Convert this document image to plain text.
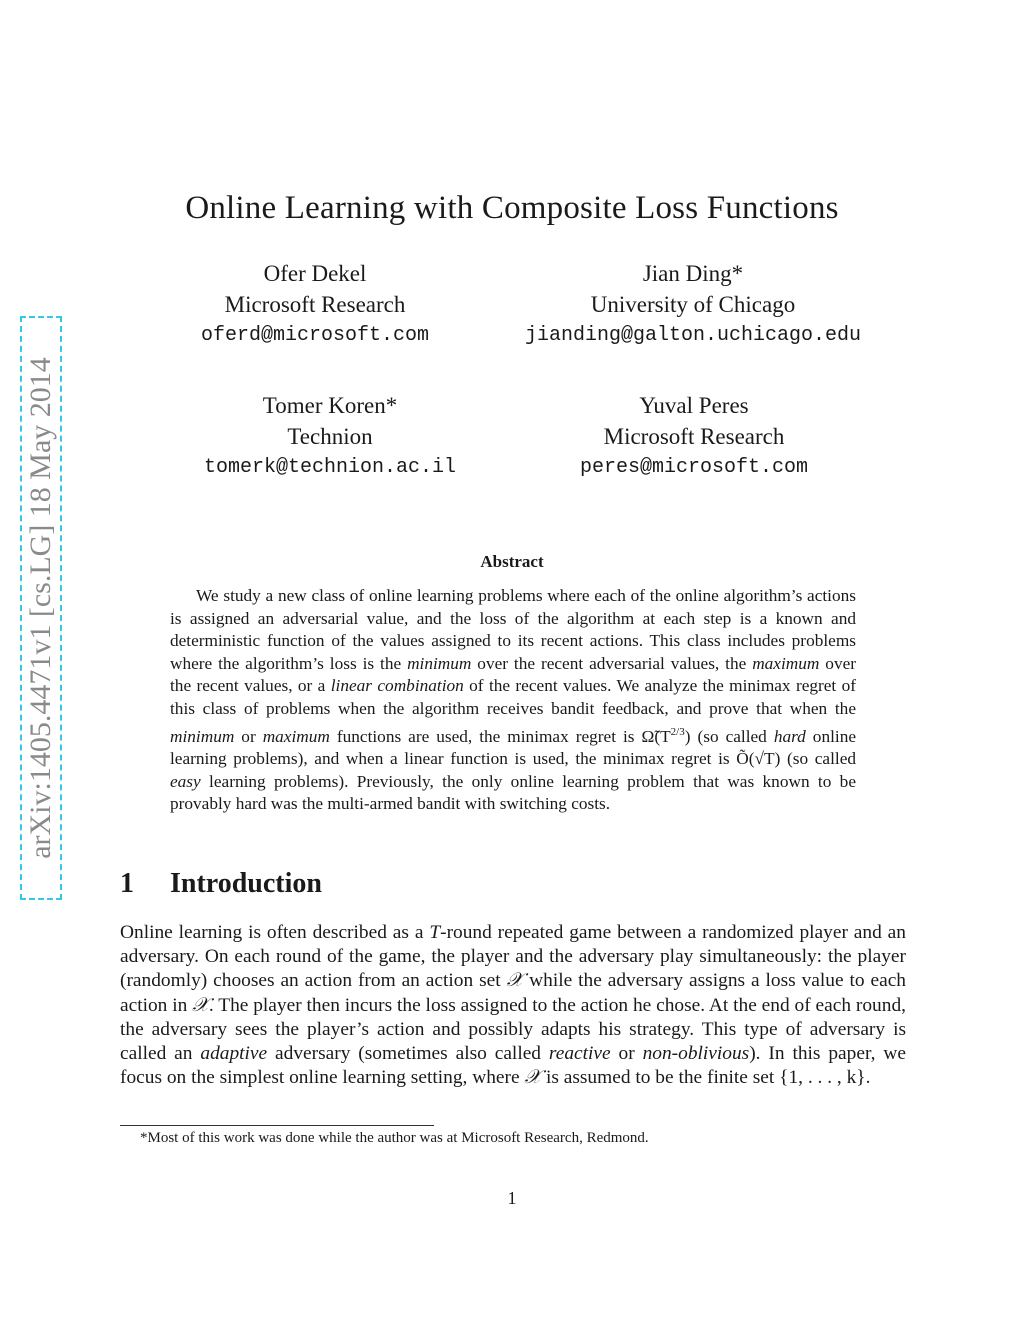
arXiv:1405.4471v1 [cs.LG] 18 May 2014
Online Learning with Composite Loss Functions
Ofer Dekel
Microsoft Research
oferd@microsoft.com
Jian Ding*
University of Chicago
jianding@galton.uchicago.edu
Tomer Koren*
Technion
tomerk@technion.ac.il
Yuval Peres
Microsoft Research
peres@microsoft.com
Abstract
We study a new class of online learning problems where each of the online algorithm’s actions is assigned an adversarial value, and the loss of the algorithm at each step is a known and deterministic function of the values assigned to its recent actions. This class includes problems where the algorithm’s loss is the minimum over the recent adversarial values, the maximum over the recent values, or a linear combination of the recent values. We analyze the minimax regret of this class of problems when the algorithm receives bandit feedback, and prove that when the minimum or maximum functions are used, the minimax regret is $\Omegã(T^{2/3})$ (so called hard online learning problems), and when a linear function is used, the minimax regret is Õ(√T) (so called easy learning problems). Previously, the only online learning problem that was known to be provably hard was the multi-armed bandit with switching costs.
1 Introduction
Online learning is often described as a T-round repeated game between a randomized player and an adversary. On each round of the game, the player and the adversary play simultaneously: the player (randomly) chooses an action from an action set 𝒳 while the adversary assigns a loss value to each action in 𝒳. The player then incurs the loss assigned to the action he chose. At the end of each round, the adversary sees the player’s action and possibly adapts his strategy. This type of adversary is called an adaptive adversary (sometimes also called reactive or non-oblivious). In this paper, we focus on the simplest online learning setting, where 𝒳 is assumed to be the finite set {1, . . . , k}.
*Most of this work was done while the author was at Microsoft Research, Redmond.
1
